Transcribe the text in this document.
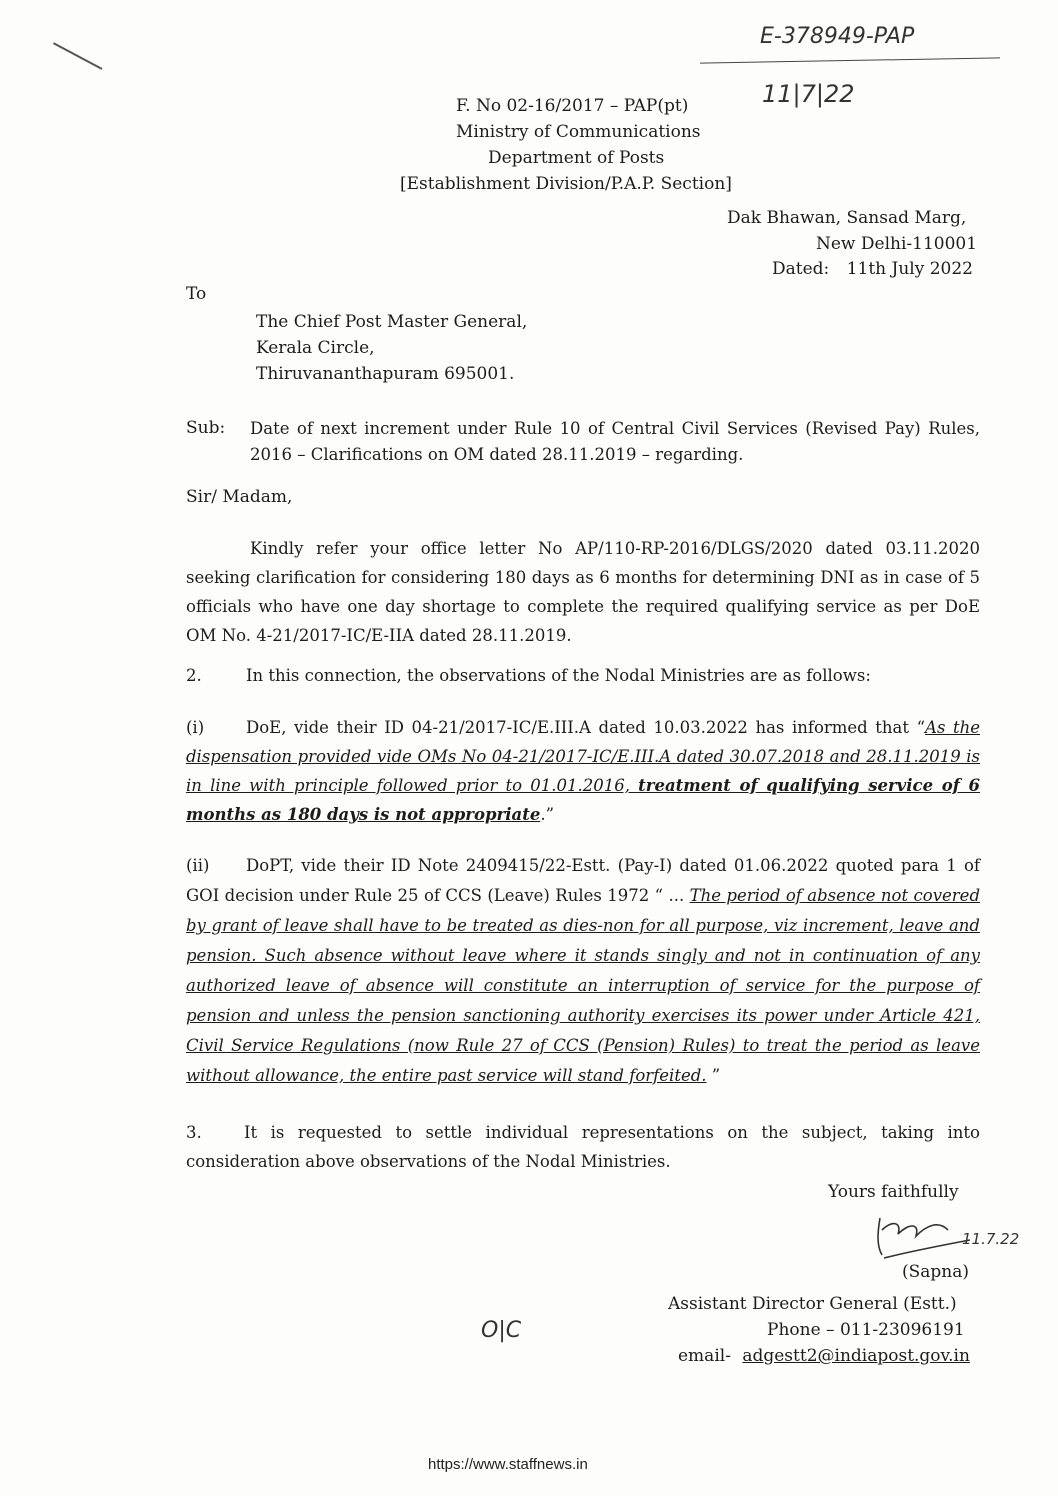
E-378949-PAP
11|7|22
F. No 02-16/2017 – PAP(pt)
Ministry of Communications
Department of Posts
[Establishment Division/P.A.P. Section]
Dak Bhawan, Sansad Marg,
New Delhi-110001
Dated: 11th July 2022
To
The Chief Post Master General,
Kerala Circle,
Thiruvananthapuram 695001.
Sub: Date of next increment under Rule 10 of Central Civil Services (Revised Pay) Rules, 2016 – Clarifications on OM dated 28.11.2019 – regarding.
Sir/ Madam,
Kindly refer your office letter No AP/110-RP-2016/DLGS/2020 dated 03.11.2020 seeking clarification for considering 180 days as 6 months for determining DNI as in case of 5 officials who have one day shortage to complete the required qualifying service as per DoE OM No. 4-21/2017-IC/E-IIA dated 28.11.2019.
2.	In this connection, the observations of the Nodal Ministries are as follows:
(i)	DoE, vide their ID 04-21/2017-IC/E.III.A dated 10.03.2022 has informed that “As the dispensation provided vide OMs No 04-21/2017-IC/E.III.A dated 30.07.2018 and 28.11.2019 is in line with principle followed prior to 01.01.2016, treatment of qualifying service of 6 months as 180 days is not appropriate.”
(ii)	DoPT, vide their ID Note 2409415/22-Estt. (Pay-I) dated 01.06.2022 quoted para 1 of GOI decision under Rule 25 of CCS (Leave) Rules 1972 “ ... The period of absence not covered by grant of leave shall have to be treated as dies-non for all purpose, viz increment, leave and pension. Such absence without leave where it stands singly and not in continuation of any authorized leave of absence will constitute an interruption of service for the purpose of pension and unless the pension sanctioning authority exercises its power under Article 421, Civil Service Regulations (now Rule 27 of CCS (Pension) Rules) to treat the period as leave without allowance, the entire past service will stand forfeited. ”
3.	It is requested to settle individual representations on the subject, taking into consideration above observations of the Nodal Ministries.
Yours faithfully
11.7.22
(Sapna)
Assistant Director General (Estt.)
Phone – 011-23096191
email- adgestt2@indiapost.gov.in
O|C
https://www.staffnews.in
